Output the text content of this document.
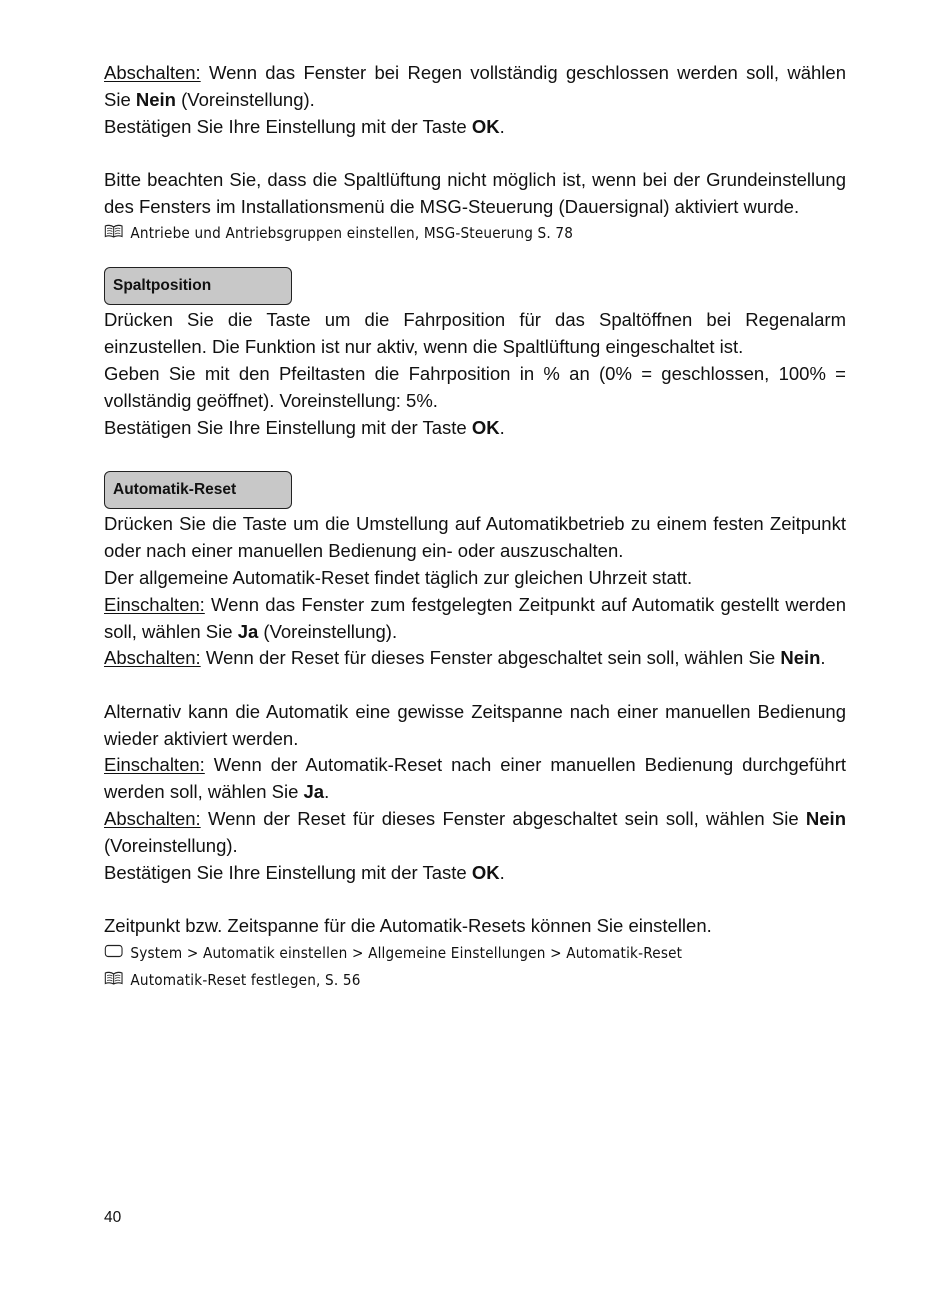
Abschalten: Wenn das Fenster bei Regen vollständig geschlossen werden soll, wählen Sie Nein (Voreinstellung).

Bestätigen Sie Ihre Einstellung mit der Taste OK.

Bitte beachten Sie, dass die Spaltlüftung nicht möglich ist, wenn bei der Grundeinstellung des Fensters im Installationsmenü die MSG-Steuerung (Dauersignal) aktiviert wurde.

Antriebe und Antriebsgruppen einstellen, MSG-Steuerung S. 78
Spaltposition

Drücken Sie die Taste um die Fahrposition für das Spaltöffnen bei Regenalarm einzustellen. Die Funktion ist nur aktiv, wenn die Spaltlüftung eingeschaltet ist.

Geben Sie mit den Pfeiltasten die Fahrposition in % an (0% = geschlossen, 100% = vollständig geöffnet). Voreinstellung: 5%.

Bestätigen Sie Ihre Einstellung mit der Taste OK.

Automatik-Reset

Drücken Sie die Taste um die Umstellung auf Automatikbetrieb zu einem festen Zeitpunkt oder nach einer manuellen Bedienung ein- oder auszuschalten.

Der allgemeine Automatik-Reset findet täglich zur gleichen Uhrzeit statt.

Einschalten: Wenn das Fenster zum festgelegten Zeitpunkt auf Automatik gestellt werden soll, wählen Sie Ja (Voreinstellung).

Abschalten: Wenn der Reset für dieses Fenster abgeschaltet sein soll, wählen Sie Nein.

Alternativ kann die Automatik eine gewisse Zeitspanne nach einer manuellen Bedienung wieder aktiviert werden.

Einschalten: Wenn der Automatik-Reset nach einer manuellen Bedienung durchgeführt werden soll, wählen Sie Ja.

Abschalten: Wenn der Reset für dieses Fenster abgeschaltet sein soll, wählen Sie Nein (Voreinstellung).

Bestätigen Sie Ihre Einstellung mit der Taste OK.

Zeitpunkt bzw. Zeitspanne für die Automatik-Resets können Sie einstellen.

System > Automatik einstellen > Allgemeine Einstellungen > Automatik-Reset
Automatik-Reset festlegen, S. 56
40
